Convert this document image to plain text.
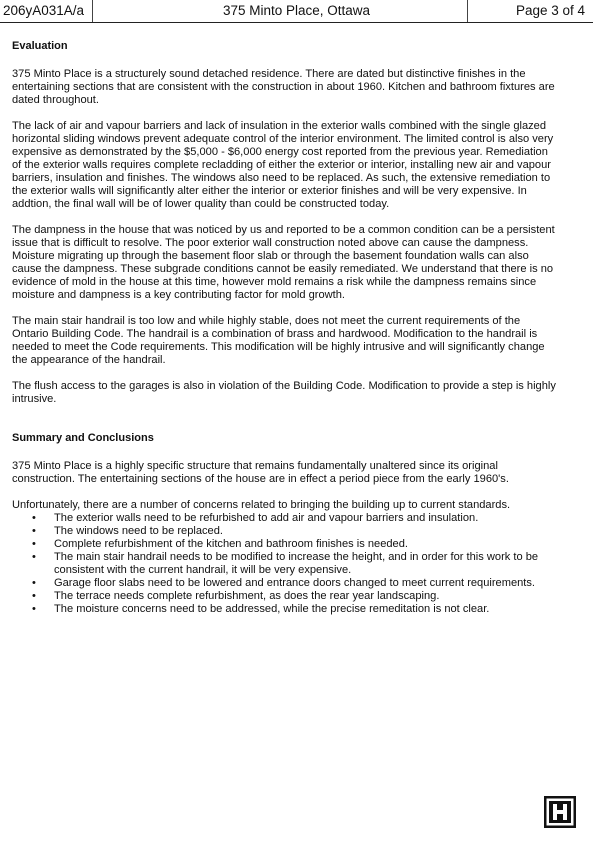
206yA031A/a	375 Minto Place, Ottawa	Page 3 of 4
Evaluation

375 Minto Place is a structurely sound detached residence. There are dated but distinctive finishes in the entertaining sections that are consistent with the construction in about 1960. Kitchen and bathroom fixtures are dated throughout.

The lack of air and vapour barriers and lack of insulation in the exterior walls combined with the single glazed horizontal sliding windows prevent adequate control of the interior environment. The limited control is also very expensive as demonstrated by the $5,000 - $6,000 energy cost reported from the previous year. Remediation of the exterior walls requires complete recladding of either the exterior or interior, installing new air and vapour barriers, insulation and finishes. The windows also need to be replaced. As such, the extensive remediation to the exterior walls will significantly alter either the interior or exterior finishes and will be very expensive. In addtion, the final wall will be of lower quality than could be constructed today.

The dampness in the house that was noticed by us and reported to be a common condition can be a persistent issue that is difficult to resolve. The poor exterior wall construction noted above can cause the dampness. Moisture migrating up through the basement floor slab or through the basement foundation walls can also cause the dampness. These subgrade conditions cannot be easily remediated. We understand that there is no evidence of mold in the house at this time, however mold remains a risk while the dampness remains since moisture and dampness is a key contributing factor for mold growth.

The main stair handrail is too low and while highly stable, does not meet the current requirements of the Ontario Building Code. The handrail is a combination of brass and hardwood. Modification to the handrail is needed to meet the Code requirements. This modification will be highly intrusive and will significantly change the appearance of the handrail.

The flush access to the garages is also in violation of the Building Code. Modification to provide a step is highly intrusive.

Summary and Conclusions

375 Minto Place is a highly specific structure that remains fundamentally unaltered since its original construction. The entertaining sections of the house are in effect a period piece from the early 1960's.

Unfortunately, there are a number of concerns related to bringing the building up to current standards.

• The exterior walls need to be refurbished to add air and vapour barriers and insulation.
• The windows need to be replaced.
• Complete refurbishment of the kitchen and bathroom finishes is needed.
• The main stair handrail needs to be modified to increase the height, and in order for this work to be consistent with the current handrail, it will be very expensive.
• Garage floor slabs need to be lowered and entrance doors changed to meet current requirements.
• The terrace needs complete refurbishment, as does the rear year landscaping.
• The moisture concerns need to be addressed, while the precise remeditation is not clear.
